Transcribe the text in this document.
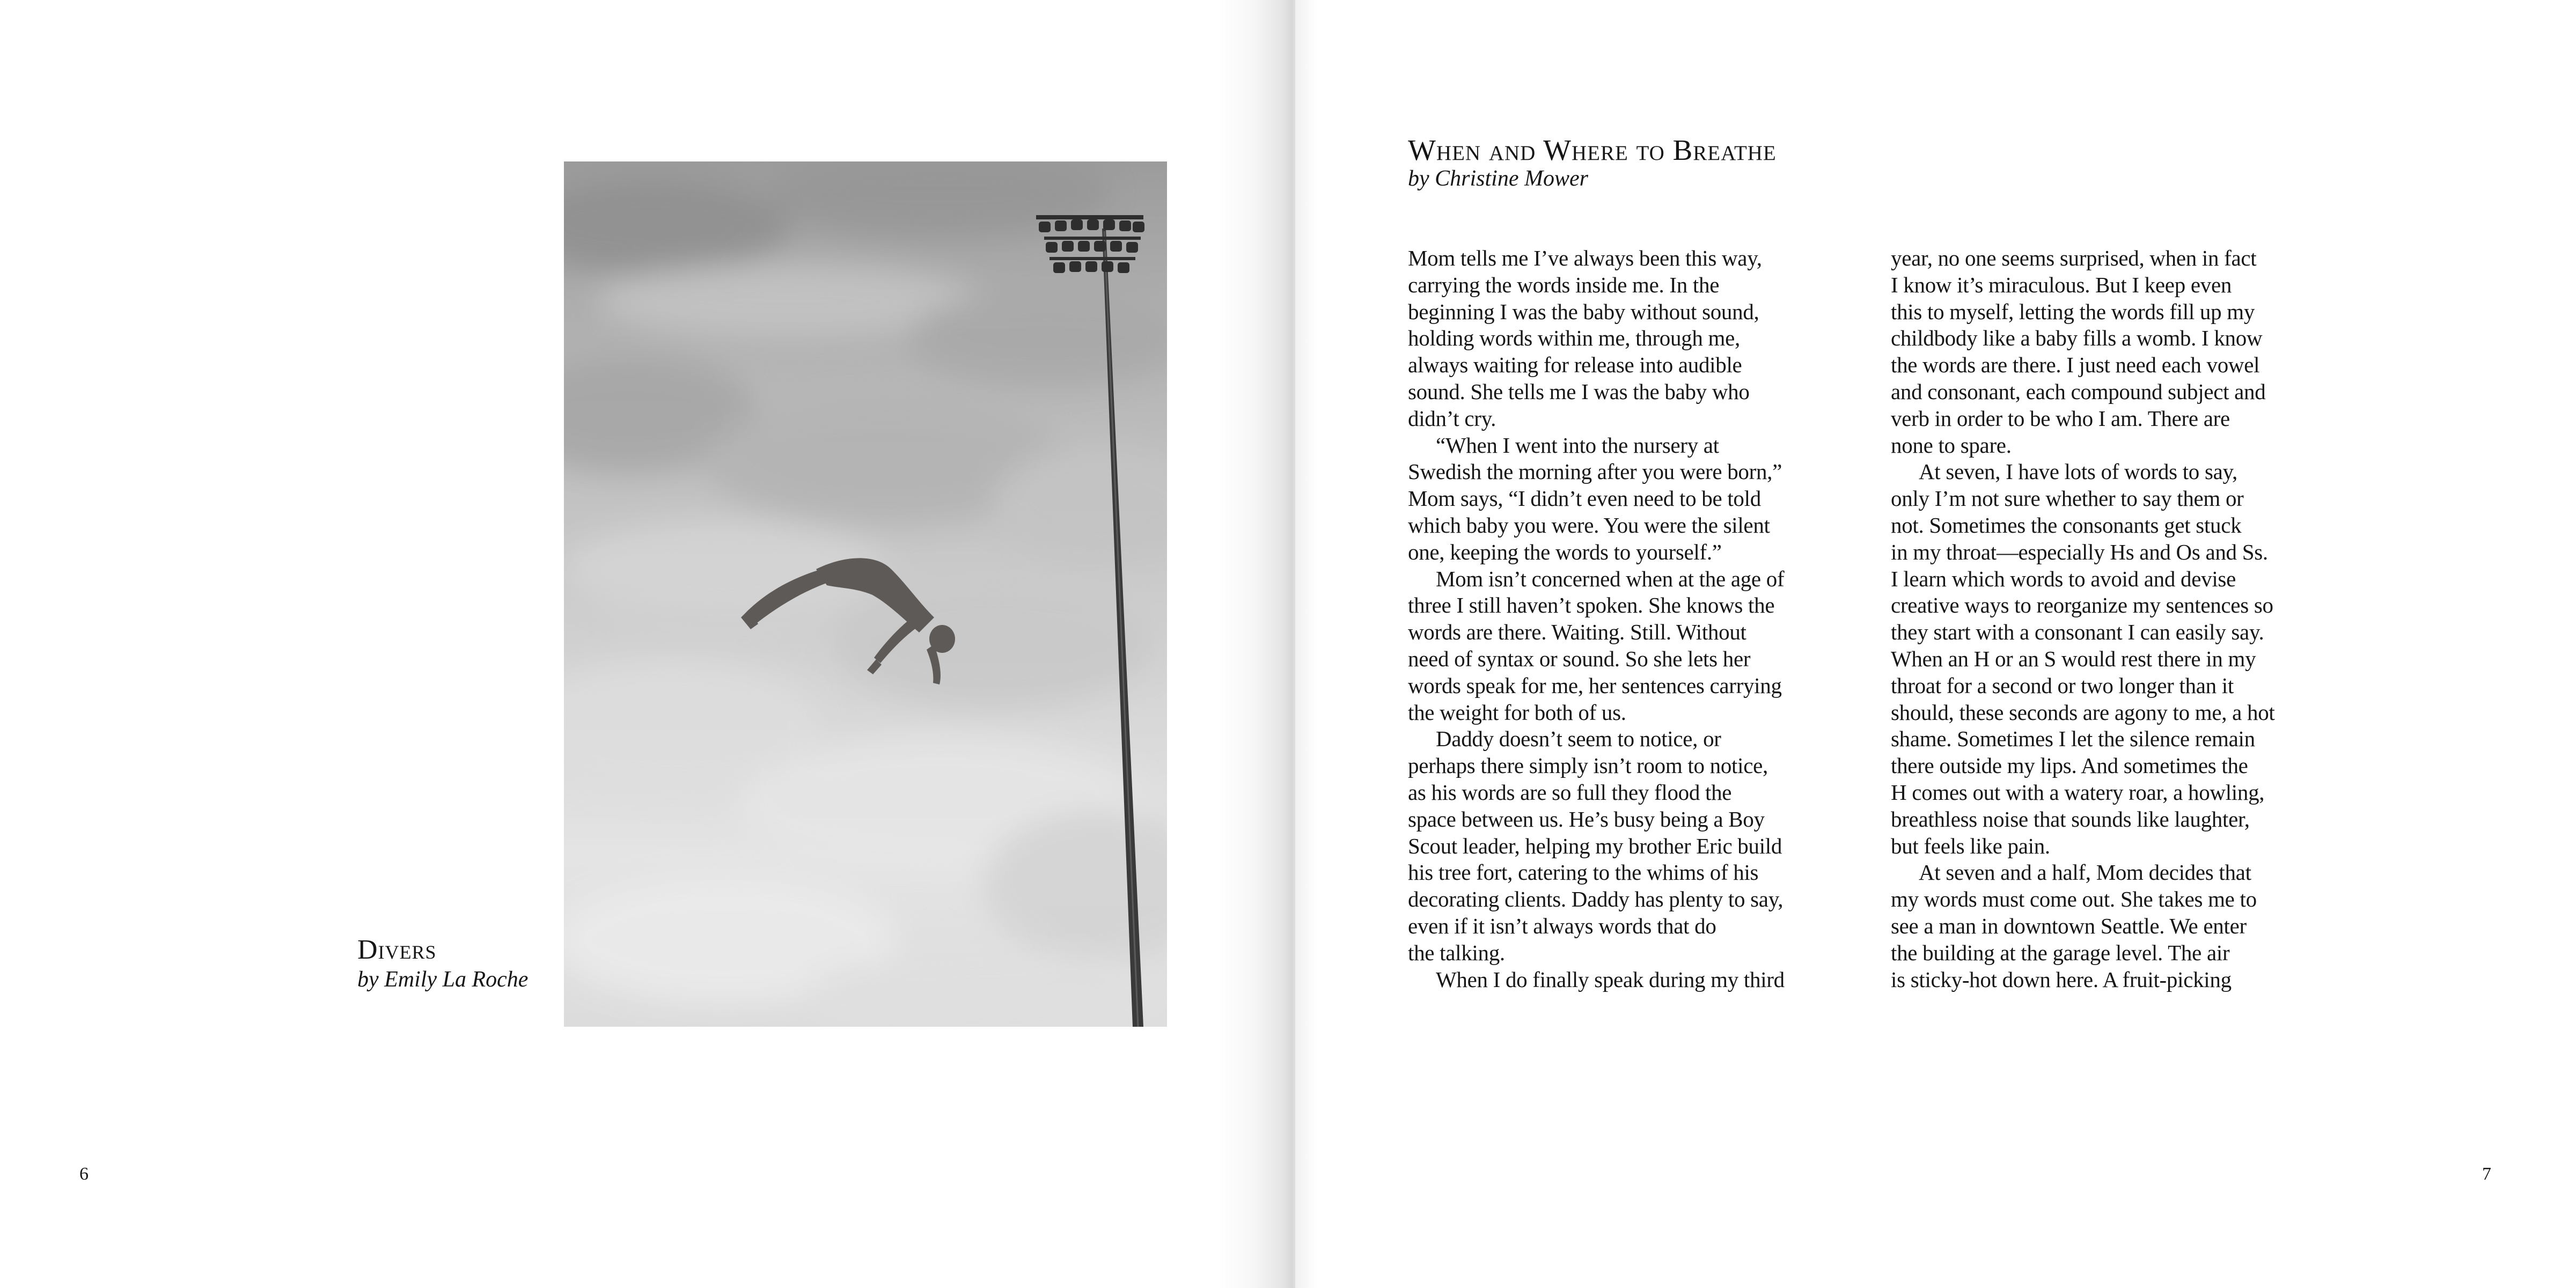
Divers
by Emily La Roche
6
When and Where to Breathe
by Christine Mower
Mom tells me I’ve always been this way,
carrying the words inside me. In the
beginning I was the baby without sound,
holding words within me, through me,
always waiting for release into audible
sound. She tells me I was the baby who
didn’t cry.
“When I went into the nursery at
Swedish the morning after you were born,”
Mom says, “I didn’t even need to be told
which baby you were. You were the silent
one, keeping the words to yourself.”
Mom isn’t concerned when at the age of
three I still haven’t spoken. She knows the
words are there. Waiting. Still. Without
need of syntax or sound. So she lets her
words speak for me, her sentences carrying
the weight for both of us.
Daddy doesn’t seem to notice, or
perhaps there simply isn’t room to notice,
as his words are so full they flood the
space between us. He’s busy being a Boy
Scout leader, helping my brother Eric build
his tree fort, catering to the whims of his
decorating clients. Daddy has plenty to say,
even if it isn’t always words that do
the talking.
When I do finally speak during my third
year, no one seems surprised, when in fact
I know it’s miraculous. But I keep even
this to myself, letting the words fill up my
childbody like a baby fills a womb. I know
the words are there. I just need each vowel
and consonant, each compound subject and
verb in order to be who I am. There are
none to spare.
At seven, I have lots of words to say,
only I’m not sure whether to say them or
not. Sometimes the consonants get stuck
in my throat—especially Hs and Os and Ss.
I learn which words to avoid and devise
creative ways to reorganize my sentences so
they start with a consonant I can easily say.
When an H or an S would rest there in my
throat for a second or two longer than it
should, these seconds are agony to me, a hot
shame. Sometimes I let the silence remain
there outside my lips. And sometimes the
H comes out with a watery roar, a howling,
breathless noise that sounds like laughter,
but feels like pain.
At seven and a half, Mom decides that
my words must come out. She takes me to
see a man in downtown Seattle. We enter
the building at the garage level. The air
is sticky-hot down here. A fruit-picking
7
